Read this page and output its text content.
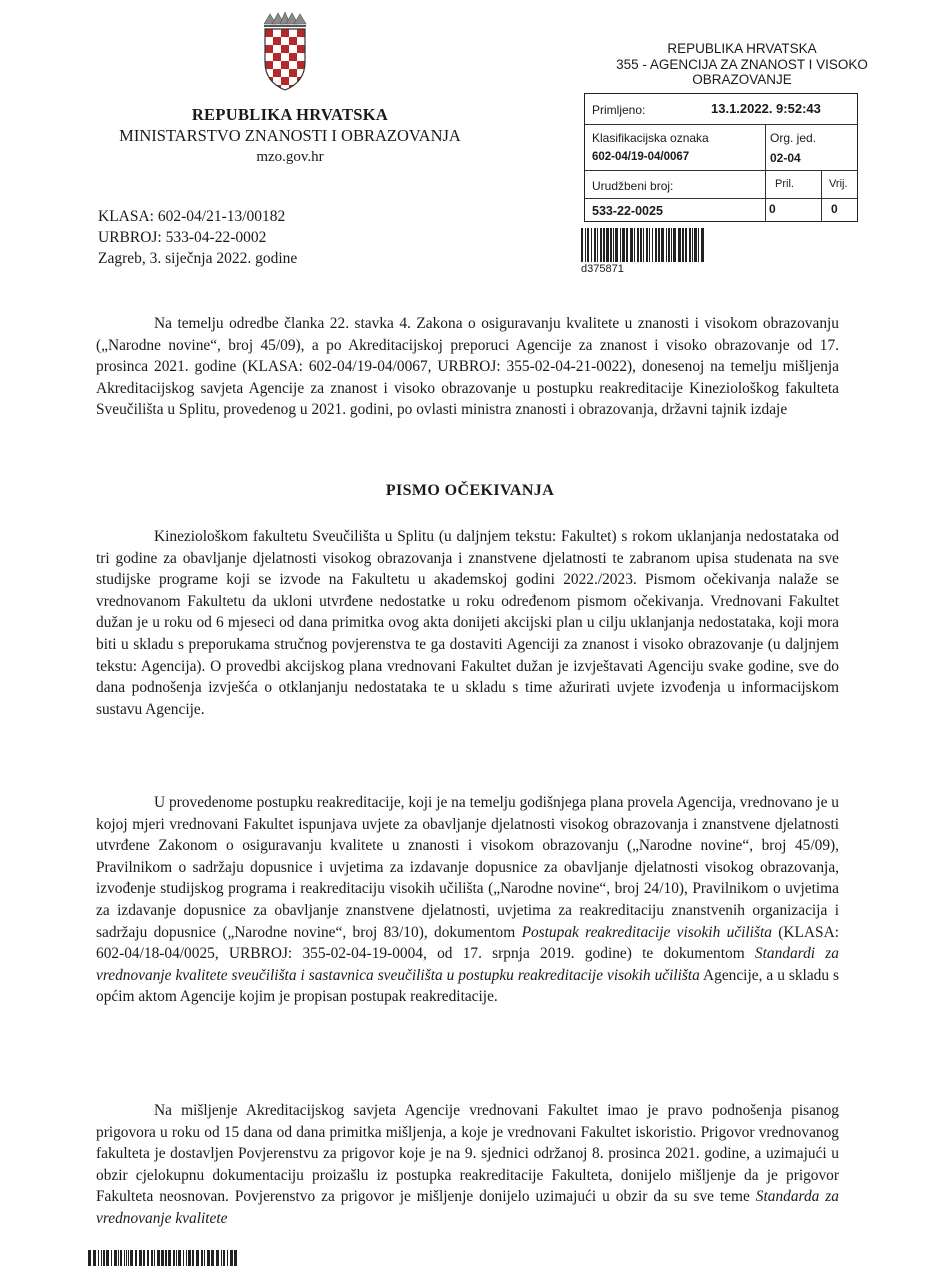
REPUBLIKA HRVATSKA
MINISTARSTVO ZNANOSTI I OBRAZOVANJA
mzo.gov.hr
KLASA: 602-04/21-13/00182
URBROJ: 533-04-22-0002
Zagreb, 3. siječnja 2022. godine
REPUBLIKA HRVATSKA
355 - AGENCIJA ZA ZNANOST I VISOKO
OBRAZOVANJE
Primljeno:	13.1.2022. 9:52:43
Klasifikacijska oznaka
602-04/19-04/0067
Org. jed.
02-04
Urudžbeni broj:
533-22-0025
Pril.
0
Vrij.
0
d375871
Na temelju odredbe članka 22. stavka 4. Zakona o osiguravanju kvalitete u znanosti i visokom obrazovanju („Narodne novine“, broj 45/09), a po Akreditacijskoj preporuci Agencije za znanost i visoko obrazovanje od 17. prosinca 2021. godine (KLASA: 602-04/19-04/0067, URBROJ: 355-02-04-21-0022), donesenoj na temelju mišljenja Akreditacijskog savjeta Agencije za znanost i visoko obrazovanje u postupku reakreditacije Kineziološkog fakulteta Sveučilišta u Splitu, provedenog u 2021. godini, po ovlasti ministra znanosti i obrazovanja, državni tajnik izdaje
PISMO OČEKIVANJA
Kineziološkom fakultetu Sveučilišta u Splitu (u daljnjem tekstu: Fakultet) s rokom uklanjanja nedostataka od tri godine za obavljanje djelatnosti visokog obrazovanja i znanstvene djelatnosti te zabranom upisa studenata na sve studijske programe koji se izvode na Fakultetu u akademskoj godini 2022./2023. Pismom očekivanja nalaže se vrednovanom Fakultetu da ukloni utvrđene nedostatke u roku određenom pismom očekivanja. Vrednovani Fakultet dužan je u roku od 6 mjeseci od dana primitka ovog akta donijeti akcijski plan u cilju uklanjanja nedostataka, koji mora biti u skladu s preporukama stručnog povjerenstva te ga dostaviti Agenciji za znanost i visoko obrazovanje (u daljnjem tekstu: Agencija). O provedbi akcijskog plana vrednovani Fakultet dužan je izvještavati Agenciju svake godine, sve do dana podnošenja izvješća o otklanjanju nedostataka te u skladu s time ažurirati uvjete izvođenja u informacijskom sustavu Agencije.
U provedenome postupku reakreditacije, koji je na temelju godišnjega plana provela Agencija, vrednovano je u kojoj mjeri vrednovani Fakultet ispunjava uvjete za obavljanje djelatnosti visokog obrazovanja i znanstvene djelatnosti utvrđene Zakonom o osiguravanju kvalitete u znanosti i visokom obrazovanju („Narodne novine“, broj 45/09), Pravilnikom o sadržaju dopusnice i uvjetima za izdavanje dopusnice za obavljanje djelatnosti visokog obrazovanja, izvođenje studijskog programa i reakreditaciju visokih učilišta („Narodne novine“, broj 24/10), Pravilnikom o uvjetima za izdavanje dopusnice za obavljanje znanstvene djelatnosti, uvjetima za reakreditaciju znanstvenih organizacija i sadržaju dopusnice („Narodne novine“, broj 83/10), dokumentom Postupak reakreditacije visokih učilišta (KLASA: 602-04/18-04/0025, URBROJ: 355-02-04-19-0004, od 17. srpnja 2019. godine) te dokumentom Standardi za vrednovanje kvalitete sveučilišta i sastavnica sveučilišta u postupku reakreditacije visokih učilišta Agencije, a u skladu s općim aktom Agencije kojim je propisan postupak reakreditacije.
Na mišljenje Akreditacijskog savjeta Agencije vrednovani Fakultet imao je pravo podnošenja pisanog prigovora u roku od 15 dana od dana primitka mišljenja, a koje je vrednovani Fakultet iskoristio. Prigovor vrednovanog fakulteta je dostavljen Povjerenstvu za prigovor koje je na 9. sjednici održanoj 8. prosinca 2021. godine, a uzimajući u obzir cjelokupnu dokumentaciju proizašlu iz postupka reakreditacije Fakulteta, donijelo mišljenje da je prigovor Fakulteta neosnovan. Povjerenstvo za prigovor je mišljenje donijelo uzimajući u obzir da su sve teme Standarda za vrednovanje kvalitete
